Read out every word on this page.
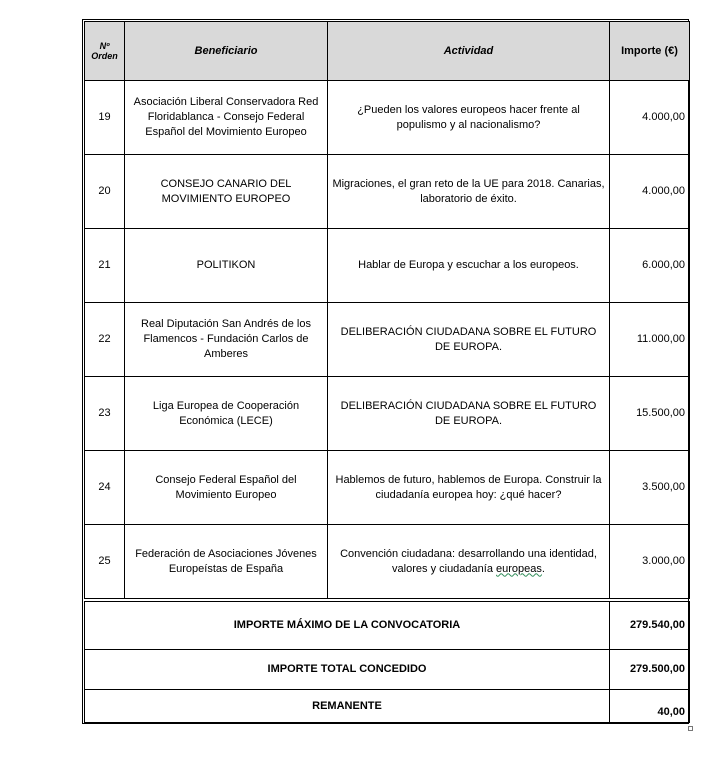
Nº Orden	Beneficiario	Actividad	Importe (€)
19	Asociación Liberal Conservadora Red Floridablanca - Consejo Federal Español del Movimiento Europeo	¿Pueden los valores europeos hacer frente al populismo y al nacionalismo?	4.000,00
20	CONSEJO CANARIO DEL MOVIMIENTO EUROPEO	Migraciones, el gran reto de la UE para 2018. Canarias, laboratorio de éxito.	4.000,00
21	POLITIKON	Hablar de Europa y escuchar a los europeos.	6.000,00
22	Real Diputación San Andrés de los Flamencos - Fundación Carlos de Amberes	DELIBERACIÓN CIUDADANA SOBRE EL FUTURO DE EUROPA.	11.000,00
23	Liga Europea de Cooperación Económica (LECE)	DELIBERACIÓN CIUDADANA SOBRE EL FUTURO DE EUROPA.	15.500,00
24	Consejo Federal Español del Movimiento Europeo	Hablemos de futuro, hablemos de Europa. Construir la ciudadanía europea hoy: ¿qué hacer?	3.500,00
25	Federación de Asociaciones Jóvenes Europeístas de España	Convención ciudadana: desarrollando una identidad, valores y ciudadanía europeas.	3.000,00
IMPORTE MÁXIMO DE LA CONVOCATORIA	279.540,00
IMPORTE TOTAL CONCEDIDO	279.500,00
REMANENTE	40,00
